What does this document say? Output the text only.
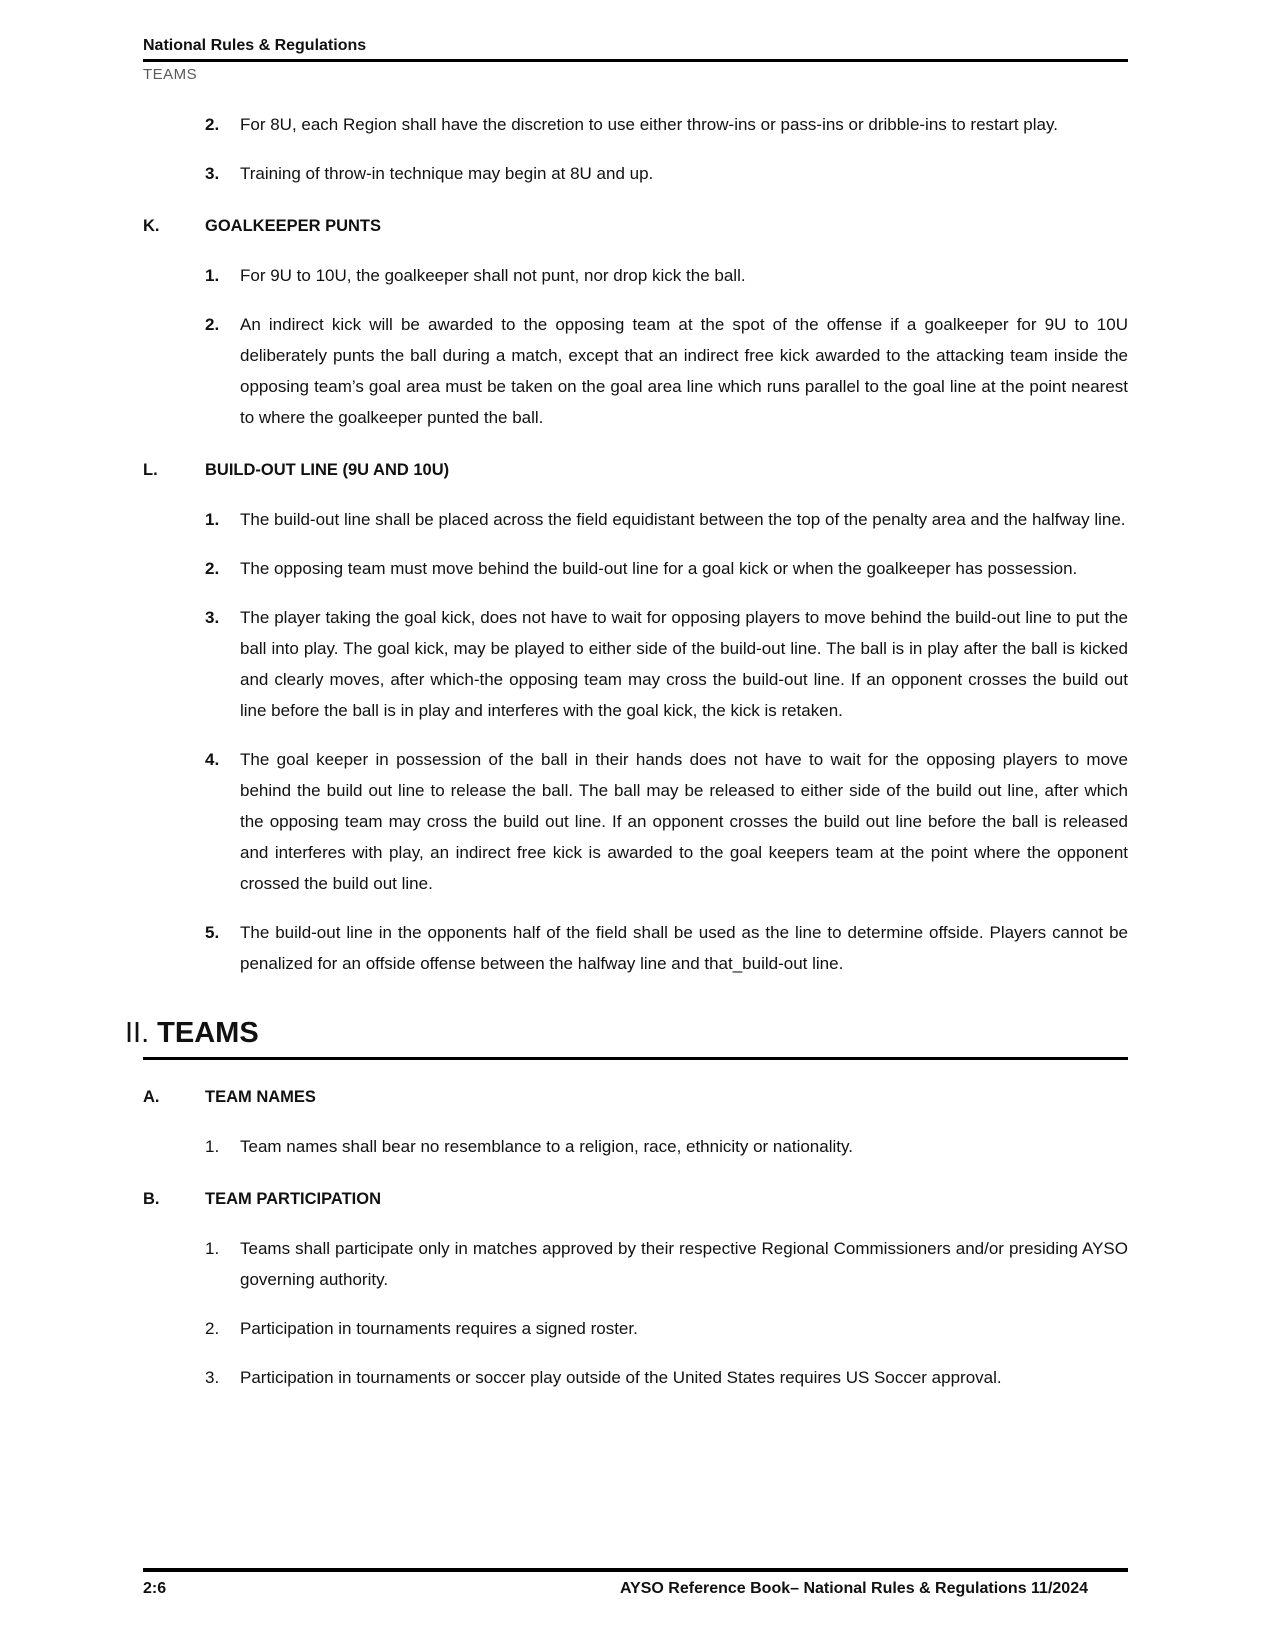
National Rules & Regulations
TEAMS
2. For 8U, each Region shall have the discretion to use either throw-ins or pass-ins or dribble-ins to restart play.
3. Training of throw-in technique may begin at 8U and up.
K.	GOALKEEPER PUNTS
1. For 9U to 10U, the goalkeeper shall not punt, nor drop kick the ball.
2. An indirect kick will be awarded to the opposing team at the spot of the offense if a goalkeeper for 9U to 10U deliberately punts the ball during a match, except that an indirect free kick awarded to the attacking team inside the opposing team’s goal area must be taken on the goal area line which runs parallel to the goal line at the point nearest to where the goalkeeper punted the ball.
L.	BUILD-OUT LINE (9U AND 10U)
1. The build-out line shall be placed across the field equidistant between the top of the penalty area and the halfway line.
2. The opposing team must move behind the build-out line for a goal kick or when the goalkeeper has possession.
3. The player taking the goal kick, does not have to wait for opposing players to move behind the build-out line to put the ball into play. The goal kick, may be played to either side of the build-out line. The ball is in play after the ball is kicked and clearly moves, after which-the opposing team may cross the build-out line. If an opponent crosses the build out line before the ball is in play and interferes with the goal kick, the kick is retaken.
4. The goal keeper in possession of the ball in their hands does not have to wait for the opposing players to move behind the build out line to release the ball. The ball may be released to either side of the build out line, after which the opposing team may cross the build out line. If an opponent crosses the build out line before the ball is released and interferes with play, an indirect free kick is awarded to the goal keepers team at the point where the opponent crossed the build out line.
5. The build-out line in the opponents half of the field shall be used as the line to determine offside. Players cannot be penalized for an offside offense between the halfway line and that_build-out line.
II. TEAMS
A.	TEAM NAMES
1. Team names shall bear no resemblance to a religion, race, ethnicity or nationality.
B.	TEAM PARTICIPATION
1. Teams shall participate only in matches approved by their respective Regional Commissioners and/or presiding AYSO governing authority.
2. Participation in tournaments requires a signed roster.
3. Participation in tournaments or soccer play outside of the United States requires US Soccer approval.
2:6	AYSO Reference Book– National Rules & Regulations 11/2024
